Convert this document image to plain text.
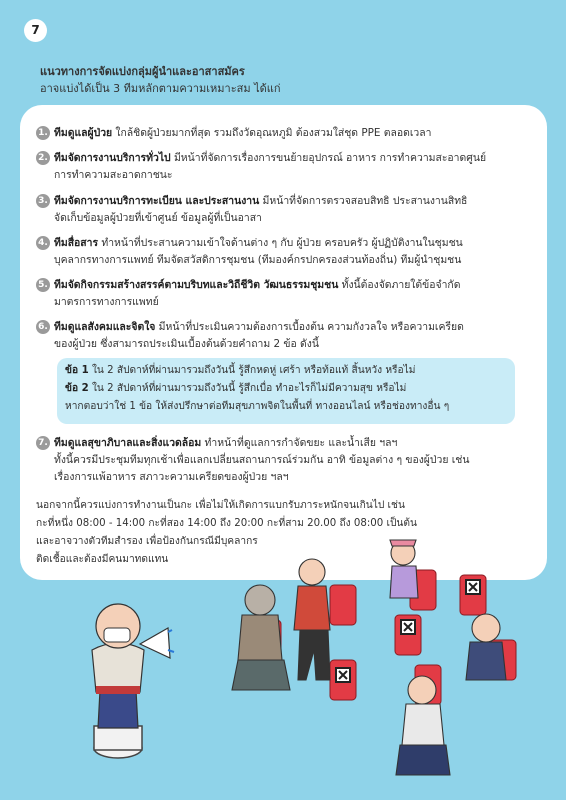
7
แนวทางการจัดแบ่งกลุ่มผู้นำและอาสาสมัคร
อาจแบ่งได้เป็น 3 ทีมหลักตามความเหมาะสม ได้แก่
1. ทีมดูแลผู้ป่วย ใกล้ชิดผู้ป่วยมากที่สุด รวมถึงวัดอุณหภูมิ ต้องสวมใส่ชุด PPE ตลอดเวลา
2. ทีมจัดการงานบริการทั่วไป มีหน้าที่จัดการเรื่องการขนย้ายอุปกรณ์ อาหาร การทำความสะอาดศูนย์
การทำความสะอาดกาชนะ
3. ทีมจัดการงานบริการทะเบียน และประสานงาน มีหน้าที่จัดการตรวจสอบสิทธิ ประสานงานสิทธิ
จัดเก็บข้อมูลผู้ป่วยที่เข้าศูนย์ ข้อมูลผู้ที่เป็นอาสา
4. ทีมสื่อสาร ทำหน้าที่ประสานความเข้าใจด้านต่าง ๆ กับ ผู้ป่วย ครอบครัว ผู้ปฏิบัติงานในชุมชน
บุคลากรทางการแพทย์ ทีมจัดสวัสดิการชุมชน (ทีมองค์กรปกครองส่วนท้องถิ่น) ทีมผู้นำชุมชน
5. ทีมจัดกิจกรรมสร้างสรรค์ตามบริบทและวิถีชีวิต วัฒนธรรมชุมชน ทั้งนี้ต้องจัดภายใต้ข้อจำกัด
มาตรการทางการแพทย์
6. ทีมดูแลสังคมและจิตใจ มีหน้าที่ประเมินความต้องการเบื้องต้น ความกังวลใจ หรือความเครียด
ของผู้ป่วย ซึ่งสามารถประเมินเบื้องต้นด้วยคำถาม 2 ข้อ ดังนี้
ข้อ 1 ใน 2 สัปดาห์ที่ผ่านมารวมถึงวันนี้ รู้สึกหดหู่ เศร้า หรือท้อแท้ สิ้นหวัง หรือไม่
ข้อ 2 ใน 2 สัปดาห์ที่ผ่านมารวมถึงวันนี้ รู้สึกเบื่อ ทำอะไรก็ไม่มีความสุข หรือไม่
หากตอบว่าใช่ 1 ข้อ ให้ส่งปรึกษาต่อทีมสุขภาพจิตในพื้นที่ ทางออนไลน์ หรือช่องทางอื่น ๆ
7. ทีมดูแลสุขาภิบาลและสิ่งแวดล้อม ทำหน้าที่ดูแลการกำจัดขยะ และน้ำเสีย ฯลฯ
ทั้งนี้ควรมีประชุมทีมทุกเช้าเพื่อแลกเปลี่ยนสถานการณ์ร่วมกัน อาทิ ข้อมูลต่าง ๆ ของผู้ป่วย เช่น
เรื่องการแพ้อาหาร สภาวะความเครียดของผู้ป่วย ฯลฯ
นอกจากนี้ควรแบ่งการทำงานเป็นกะ เพื่อไม่ให้เกิดการแบกรับภาระหนักจนเกินไป เช่น
กะที่หนึ่ง 08:00 - 14:00 กะที่สอง 14:00 ถึง 20:00 กะที่สาม 20.00 ถึง 08:00 เป็นต้น
และอาจวางตัวทีมสำรอง เพื่อป้องกันกรณีมีบุคลากร
ติดเชื้อและต้องมีคนมาทดแทน
